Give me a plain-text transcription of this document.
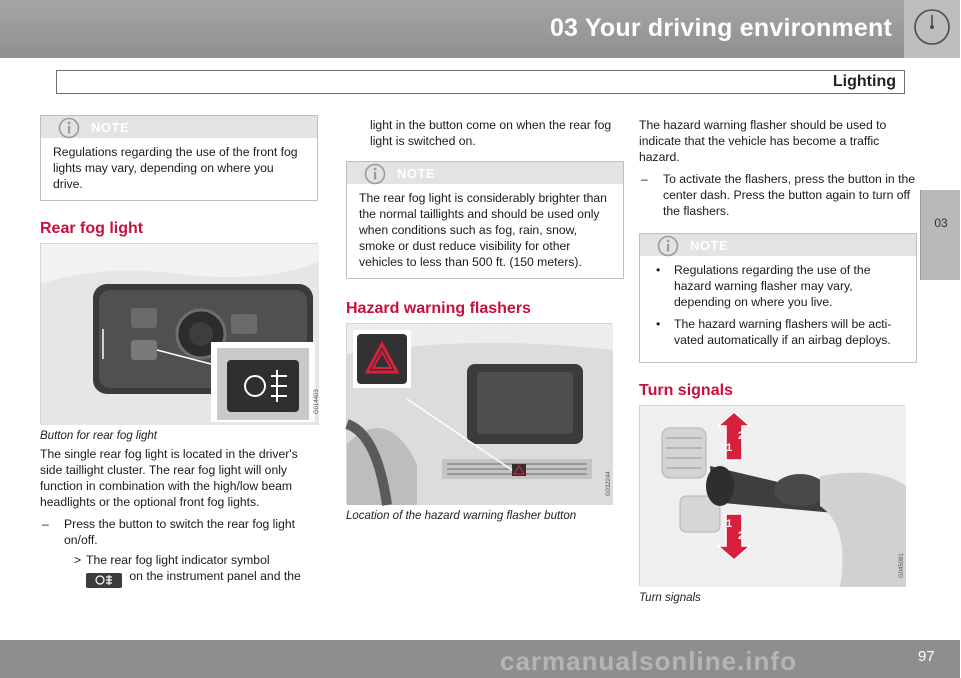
03 Your driving environment
Lighting
03
NOTE
Regulations regarding the use of the front fog lights may vary, depending on where you drive.
Rear fog light
G014403

Button for rear fog light

The single rear fog light is located in the driver's side taillight cluster. The rear fog light will only function in combination with the high/low beam headlights or the optional front fog lights.

– Press the button to switch the rear fog light on/off.

> The rear fog light indicator symbol
on the instrument panel and the

light in the button come on when the rear fog light is switched on.

NOTE
The rear fog light is considerably brighter than the normal taillights and should be used only when conditions such as fog, rain, snow, smoke or dust reduce visibility for other vehicles to less than 500 ft. (150 meters).
Hazard warning flashers
G032244

Location of the hazard warning flasher button

The hazard warning flasher should be used to indicate that the vehicle has become a traffic hazard.

– To activate the flashers, press the button in the center dash. Press the button again to turn off the flashers.

NOTE
• Regulations regarding the use of the hazard warning flasher may vary, depending on where you live.
• The hazard warning flashers will be acti-vated automatically if an airbag deploys.
Turn signals
2
1
1
2
G045081

Turn signals

carmanualsonline.info	97
